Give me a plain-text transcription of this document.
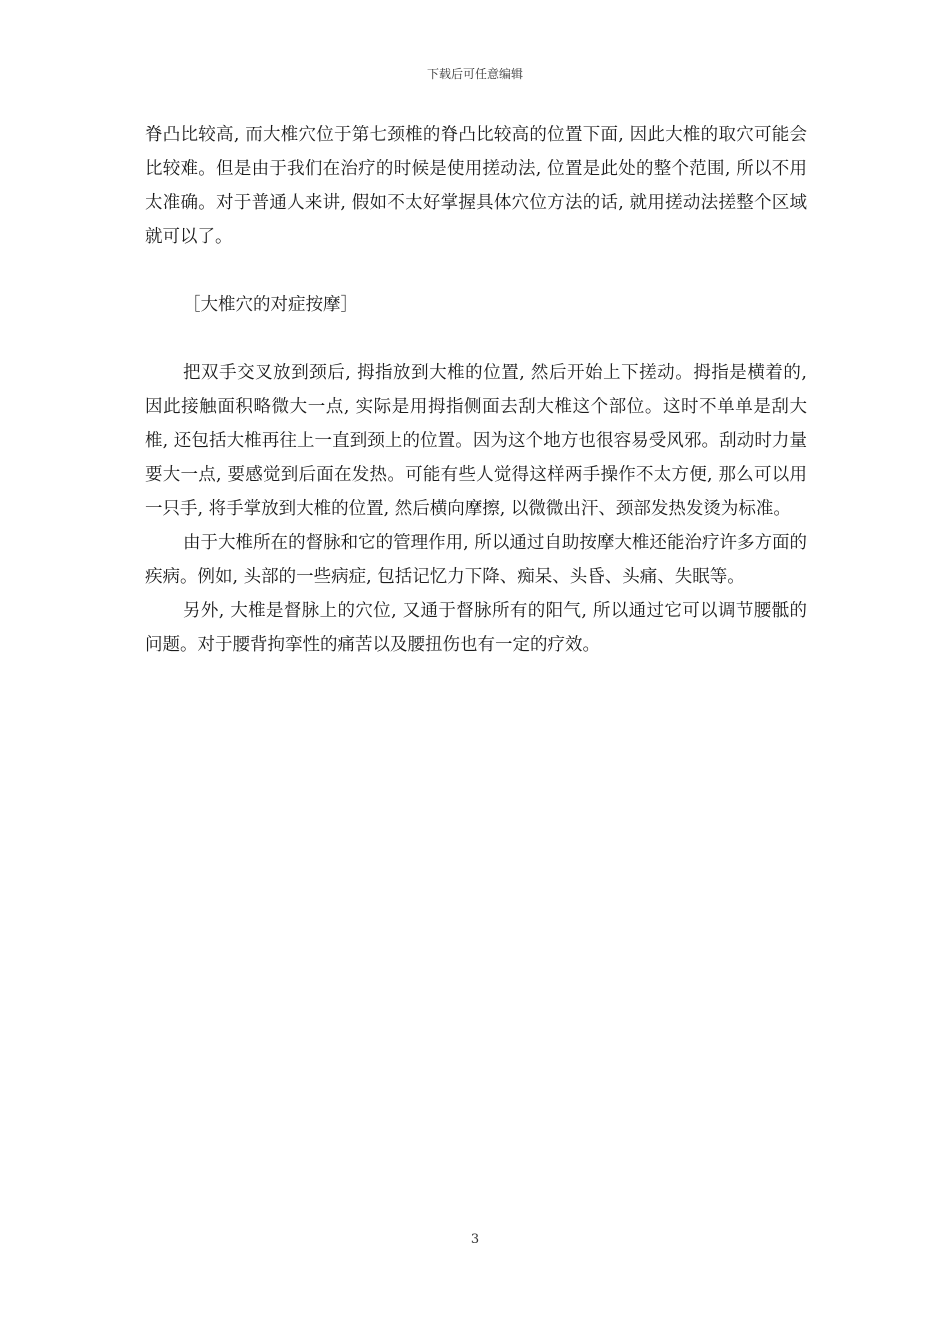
下载后可任意编辑

脊凸比较高, 而大椎穴位于第七颈椎的脊凸比较高的位置下面, 因此大椎的取穴可能会比较难。但是由于我们在治疗的时候是使用搓动法, 位置是此处的整个范围, 所以不用太准确。对于普通人来讲, 假如不太好掌握具体穴位方法的话, 就用搓动法搓整个区域就可以了。

［大椎穴的对症按摩］

把双手交叉放到颈后, 拇指放到大椎的位置, 然后开始上下搓动。拇指是横着的, 因此接触面积略微大一点, 实际是用拇指侧面去刮大椎这个部位。这时不单单是刮大椎, 还包括大椎再往上一直到颈上的位置。因为这个地方也很容易受风邪。刮动时力量要大一点, 要感觉到后面在发热。可能有些人觉得这样两手操作不太方便, 那么可以用一只手, 将手掌放到大椎的位置, 然后横向摩擦, 以微微出汗、颈部发热发烫为标准。

由于大椎所在的督脉和它的管理作用, 所以通过自助按摩大椎还能治疗许多方面的疾病。例如, 头部的一些病症, 包括记忆力下降、痴呆、头昏、头痛、失眠等。

另外, 大椎是督脉上的穴位, 又通于督脉所有的阳气, 所以通过它可以调节腰骶的问题。对于腰背拘挛性的痛苦以及腰扭伤也有一定的疗效。

3
